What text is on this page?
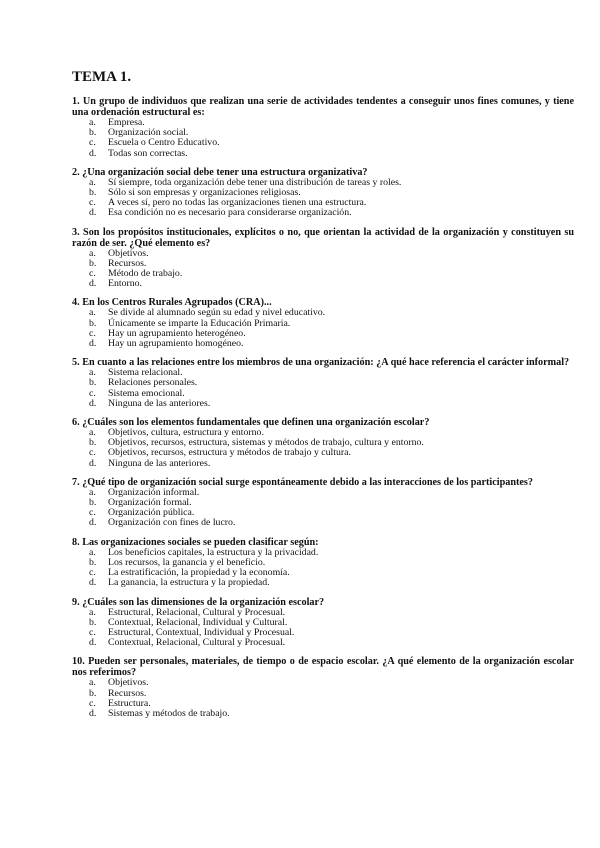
TEMA 1.

1. Un grupo de individuos que realizan una serie de actividades tendentes a conseguir unos fines comunes, y tiene una ordenación estructural es:

a.	Empresa.
b.	Organización social.
c.	Escuela o Centro Educativo.
d.	Todas son correctas.

2. ¿Una organización social debe tener una estructura organizativa?

a.	Sí siempre, toda organización debe tener una distribución de tareas y roles.
b.	Sólo si son empresas y organizaciones religiosas.
c.	A veces sí, pero no todas las organizaciones tienen una estructura.
d.	Esa condición no es necesario para considerarse organización.

3. Son los propósitos institucionales, explícitos o no, que orientan la actividad de la organización y constituyen su razón de ser. ¿Qué elemento es?

a.	Objetivos.
b.	Recursos.
c.	Método de trabajo.
d.	Entorno.

4. En los Centros Rurales Agrupados (CRA)...

a.	Se divide al alumnado según su edad y nivel educativo.
b.	Únicamente se imparte la Educación Primaria.
c.	Hay un agrupamiento heterogéneo.
d.	Hay un agrupamiento homogéneo.

5. En cuanto a las relaciones entre los miembros de una organización: ¿A qué hace referencia el carácter informal?

a.	Sistema relacional.
b.	Relaciones personales.
c.	Sistema emocional.
d.	Ninguna de las anteriores.

6. ¿Cuáles son los elementos fundamentales que definen una organización escolar?

a.	Objetivos, cultura, estructura y entorno.
b.	Objetivos, recursos, estructura, sistemas y métodos de trabajo, cultura y entorno.
c.	Objetivos, recursos, estructura y métodos de trabajo y cultura.
d.	Ninguna de las anteriores.

7. ¿Qué tipo de organización social surge espontáneamente debido a las interacciones de los participantes?

a.	Organización informal.
b.	Organización formal.
c.	Organización pública.
d.	Organización con fines de lucro.

8. Las organizaciones sociales se pueden clasificar según:

a.	Los beneficios capitales, la estructura y la privacidad.
b.	Los recursos, la ganancia y el beneficio.
c.	La estratificación, la propiedad y la economía.
d.	La ganancia, la estructura y la propiedad.

9. ¿Cuáles son las dimensiones de la organización escolar?

a.	Estructural, Relacional, Cultural y Procesual.
b.	Contextual, Relacional, Individual y Cultural.
c.	Estructural, Contextual, Individual y Procesual.
d.	Contextual, Relacional, Cultural y Procesual.

10. Pueden ser personales, materiales, de tiempo o de espacio escolar. ¿A qué elemento de la organización escolar nos referimos?

a.	Objetivos.
b.	Recursos.
c.	Estructura.
d.	Sistemas y métodos de trabajo.
